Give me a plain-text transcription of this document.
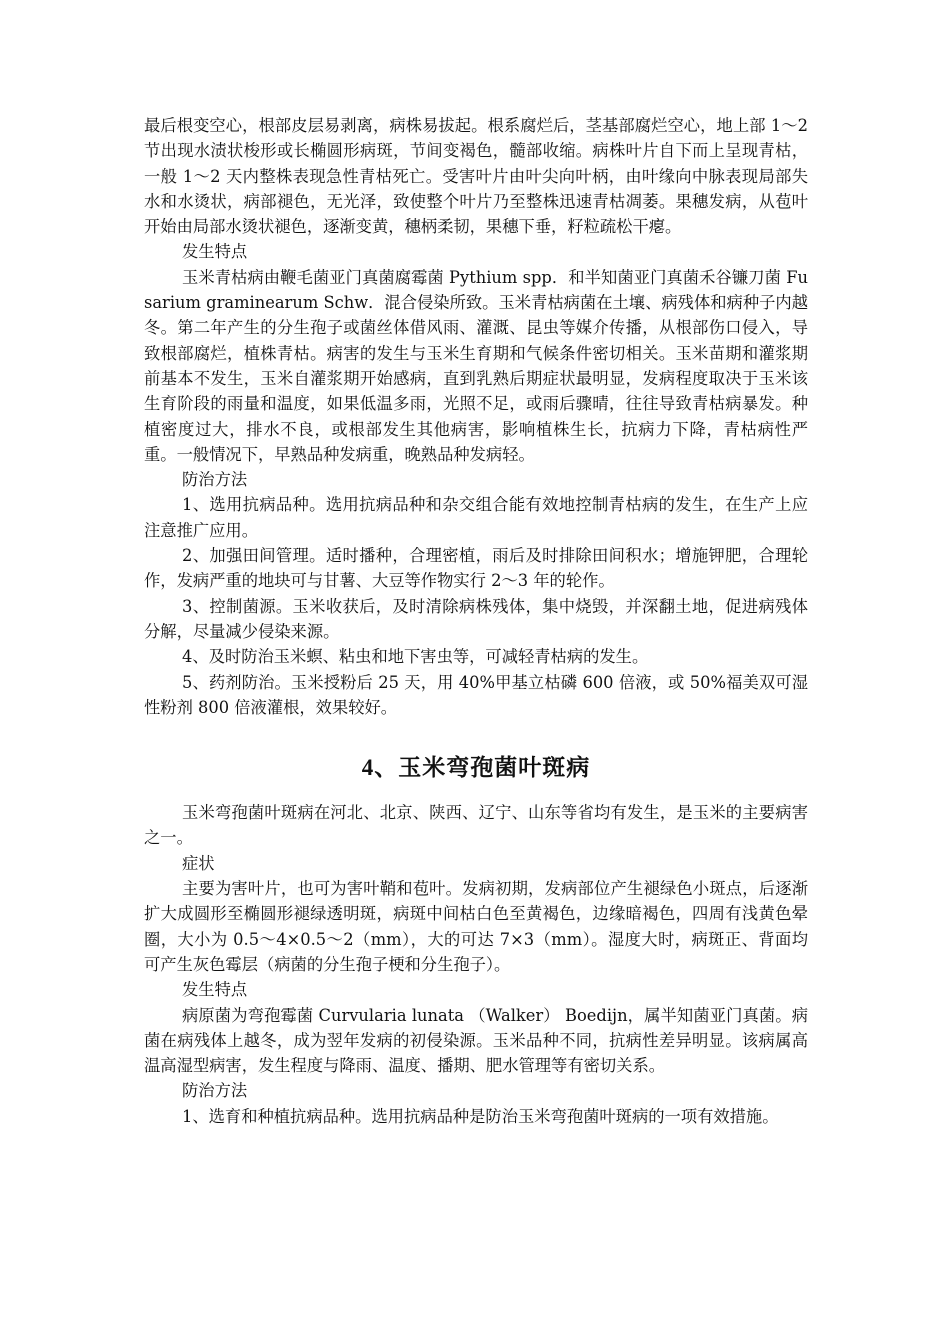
最后根变空心，根部皮层易剥离，病株易拔起。根系腐烂后，茎基部腐烂空心，地上部 1～2 节出现水渍状梭形或长椭圆形病斑，节间变褐色，髓部收缩。病株叶片自下而上呈现青枯，一般 1～2 天内整株表现急性青枯死亡。受害叶片由叶尖向叶柄，由叶缘向中脉表现局部失水和水烫状，病部褪色，无光泽，致使整个叶片乃至整株迅速青枯凋萎。果穗发病，从苞叶开始由局部水烫状褪色，逐渐变黄，穗柄柔韧，果穗下垂，籽粒疏松干瘪。

发生特点

玉米青枯病由鞭毛菌亚门真菌腐霉菌 Pythium spp．和半知菌亚门真菌禾谷镰刀菌 Fusarium graminearum Schw．混合侵染所致。玉米青枯病菌在土壤、病残体和病种子内越冬。第二年产生的分生孢子或菌丝体借风雨、灌溉、昆虫等媒介传播，从根部伤口侵入，导致根部腐烂，植株青枯。病害的发生与玉米生育期和气候条件密切相关。玉米苗期和灌浆期前基本不发生，玉米自灌浆期开始感病，直到乳熟后期症状最明显，发病程度取决于玉米该生育阶段的雨量和温度，如果低温多雨，光照不足，或雨后骤晴，往往导致青枯病暴发。种植密度过大，排水不良，或根部发生其他病害，影响植株生长，抗病力下降，青枯病性严重。一般情况下，早熟品种发病重，晚熟品种发病轻。

防治方法

1、选用抗病品种。选用抗病品种和杂交组合能有效地控制青枯病的发生，在生产上应注意推广应用。

2、加强田间管理。适时播种，合理密植，雨后及时排除田间积水；增施钾肥，合理轮作，发病严重的地块可与甘薯、大豆等作物实行 2～3 年的轮作。

3、控制菌源。玉米收获后，及时清除病株残体，集中烧毁，并深翻土地，促进病残体分解，尽量减少侵染来源。

4、及时防治玉米螟、粘虫和地下害虫等，可减轻青枯病的发生。

5、药剂防治。玉米授粉后 25 天，用 40%甲基立枯磷 600 倍液，或 50%福美双可湿性粉剂 800 倍液灌根，效果较好。

4、玉米弯孢菌叶斑病

玉米弯孢菌叶斑病在河北、北京、陕西、辽宁、山东等省均有发生，是玉米的主要病害之一。

症状

主要为害叶片，也可为害叶鞘和苞叶。发病初期，发病部位产生褪绿色小斑点，后逐渐扩大成圆形至椭圆形褪绿透明斑，病斑中间枯白色至黄褐色，边缘暗褐色，四周有浅黄色晕圈，大小为 0.5～4×0.5～2（mm），大的可达 7×3（mm）。湿度大时，病斑正、背面均可产生灰色霉层（病菌的分生孢子梗和分生孢子）。

发生特点

病原菌为弯孢霉菌 Curvularia lunata （Walker） Boedijn，属半知菌亚门真菌。病菌在病残体上越冬，成为翌年发病的初侵染源。玉米品种不同，抗病性差异明显。该病属高温高湿型病害，发生程度与降雨、温度、播期、肥水管理等有密切关系。

防治方法

1、选育和种植抗病品种。选用抗病品种是防治玉米弯孢菌叶斑病的一项有效措施。
